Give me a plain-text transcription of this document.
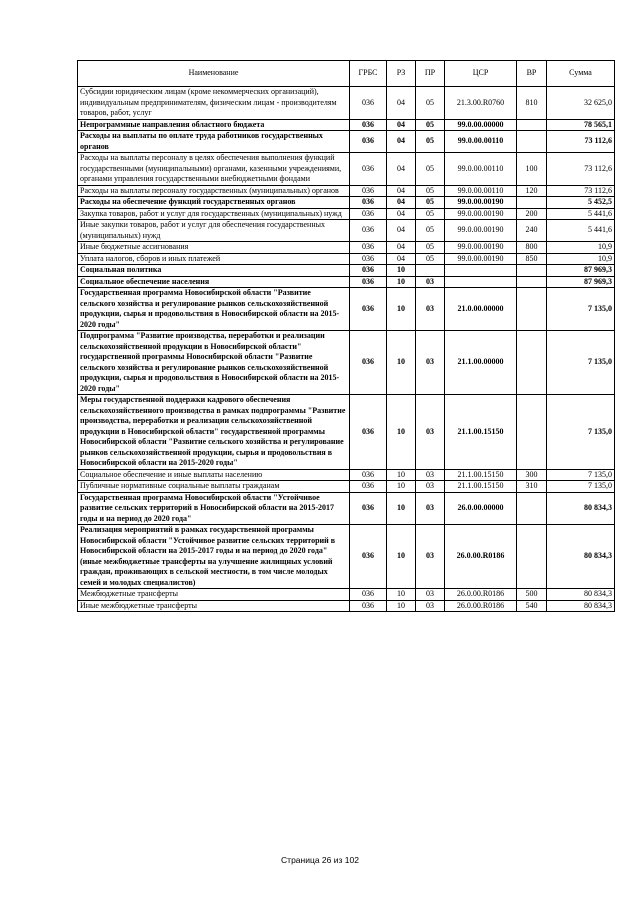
Наименование	ГРБС	РЗ	ПР	ЦСР	ВР	Сумма
Субсидии юридическим лицам (кроме некоммерческих организаций), индивидуальным предпринимателям, физическим лицам - производителям товаров, работ, услуг	036	04	05	21.3.00.R0760	810	32 625,0
Непрограммные направления областного бюджета	036	04	05	99.0.00.00000		78 565,1
Расходы на выплаты по оплате труда работников государственных органов	036	04	05	99.0.00.00110		73 112,6
Расходы на выплаты персоналу в целях обеспечения выполнения функций государственными (муниципальными) органами, казенными учреждениями, органами управления государственными внебюджетными фондами	036	04	05	99.0.00.00110	100	73 112,6
Расходы на выплаты персоналу государственных (муниципальных) органов	036	04	05	99.0.00.00110	120	73 112,6
Расходы на обеспечение функций государственных органов	036	04	05	99.0.00.00190		5 452,5
Закупка товаров, работ и услуг для государственных (муниципальных) нужд	036	04	05	99.0.00.00190	200	5 441,6
Иные закупки товаров, работ и услуг для обеспечения государственных (муниципальных) нужд	036	04	05	99.0.00.00190	240	5 441,6
Иные бюджетные ассигнования	036	04	05	99.0.00.00190	800	10,9
Уплата налогов, сборов и иных платежей	036	04	05	99.0.00.00190	850	10,9
Социальная политика	036	10				87 969,3
Социальное обеспечение населения	036	10	03			87 969,3
Государственная программа Новосибирской области "Развитие сельского хозяйства и регулирование рынков сельскохозяйственной продукции, сырья и продовольствия в Новосибирской области на 2015-2020 годы"	036	10	03	21.0.00.00000		7 135,0
Подпрограмма "Развитие производства, переработки и реализации сельскохозяйственной продукции в Новосибирской области" государственной программы Новосибирской области "Развитие сельского хозяйства и регулирование рынков сельскохозяйственной продукции, сырья и продовольствия в Новосибирской области на 2015-2020 годы"	036	10	03	21.1.00.00000		7 135,0
Меры государственной поддержки кадрового обеспечения сельскохозяйственного производства в рамках подпрограммы "Развитие производства, переработки и реализации сельскохозяйственной продукции в Новосибирской области" государственной программы Новосибирской области "Развитие сельского хозяйства и регулирование рынков сельскохозяйственной продукции, сырья и продовольствия в Новосибирской области на 2015-2020 годы"	036	10	03	21.1.00.15150		7 135,0
Социальное обеспечение и иные выплаты населению	036	10	03	21.1.00.15150	300	7 135,0
Публичные нормативные социальные выплаты гражданам	036	10	03	21.1.00.15150	310	7 135,0
Государственная программа Новосибирской области "Устойчивое развитие сельских территорий в Новосибирской области на 2015-2017 годы и на период до 2020 года"	036	10	03	26.0.00.00000		80 834,3
Реализация мероприятий в рамках государственной программы Новосибирской области "Устойчивое развитие сельских территорий в Новосибирской области на 2015-2017 годы и на период до 2020 года" (иные межбюджетные трансферты на улучшение жилищных условий граждан, проживающих в сельской местности, в том числе молодых семей и молодых специалистов)	036	10	03	26.0.00.R0186		80 834,3
Межбюджетные трансферты	036	10	03	26.0.00.R0186	500	80 834,3
Иные межбюджетные трансферты	036	10	03	26.0.00.R0186	540	80 834,3
Страница 26 из 102
